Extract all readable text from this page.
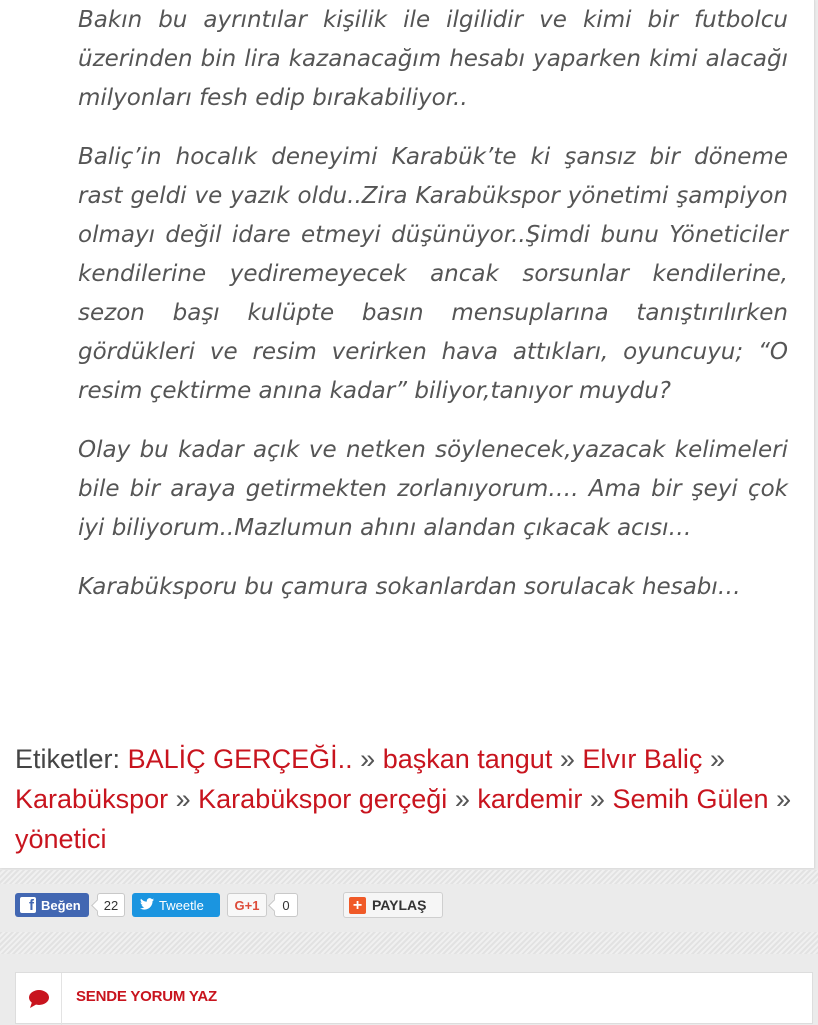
Bakın bu ayrıntılar kişilik ile ilgilidir ve kimi bir futbolcu üzerinden bin lira kazanacağım hesabı yaparken kimi alacağı milyonları fesh edip bırakabiliyor..

Baliç’in hocalık deneyimi Karabük’te ki şansız bir döneme rast geldi ve yazık oldu..Zira Karabükspor yönetimi şampiyon olmayı değil idare etmeyi düşünüyor..Şimdi bunu Yöneticiler kendilerine yediremeyecek ancak sorsunlar kendilerine, sezon başı kulüpte basın mensuplarına tanıştırılırken gördükleri ve resim verirken hava attıkları, oyuncuyu; “O resim çektirme anına kadar” biliyor,tanıyor muydu?

Olay bu kadar açık ve netken söylenecek,yazacak kelimeleri bile bir araya getirmekten zorlanıyorum…. Ama bir şeyi çok iyi biliyorum..Mazlumun ahını alandan çıkacak acısı…

Karabüksporu bu çamura sokanlardan sorulacak hesabı…

Etiketler: BALİÇ GERÇEĞİ.. » başkan tangut » Elvır Baliç » Karabükspor » Karabükspor gerçeği » kardemir » Semih Gülen » yönetici
f Beğen	22	Tweetle	G+1	0	+ PAYLAŞ
SENDE YORUM YAZ
